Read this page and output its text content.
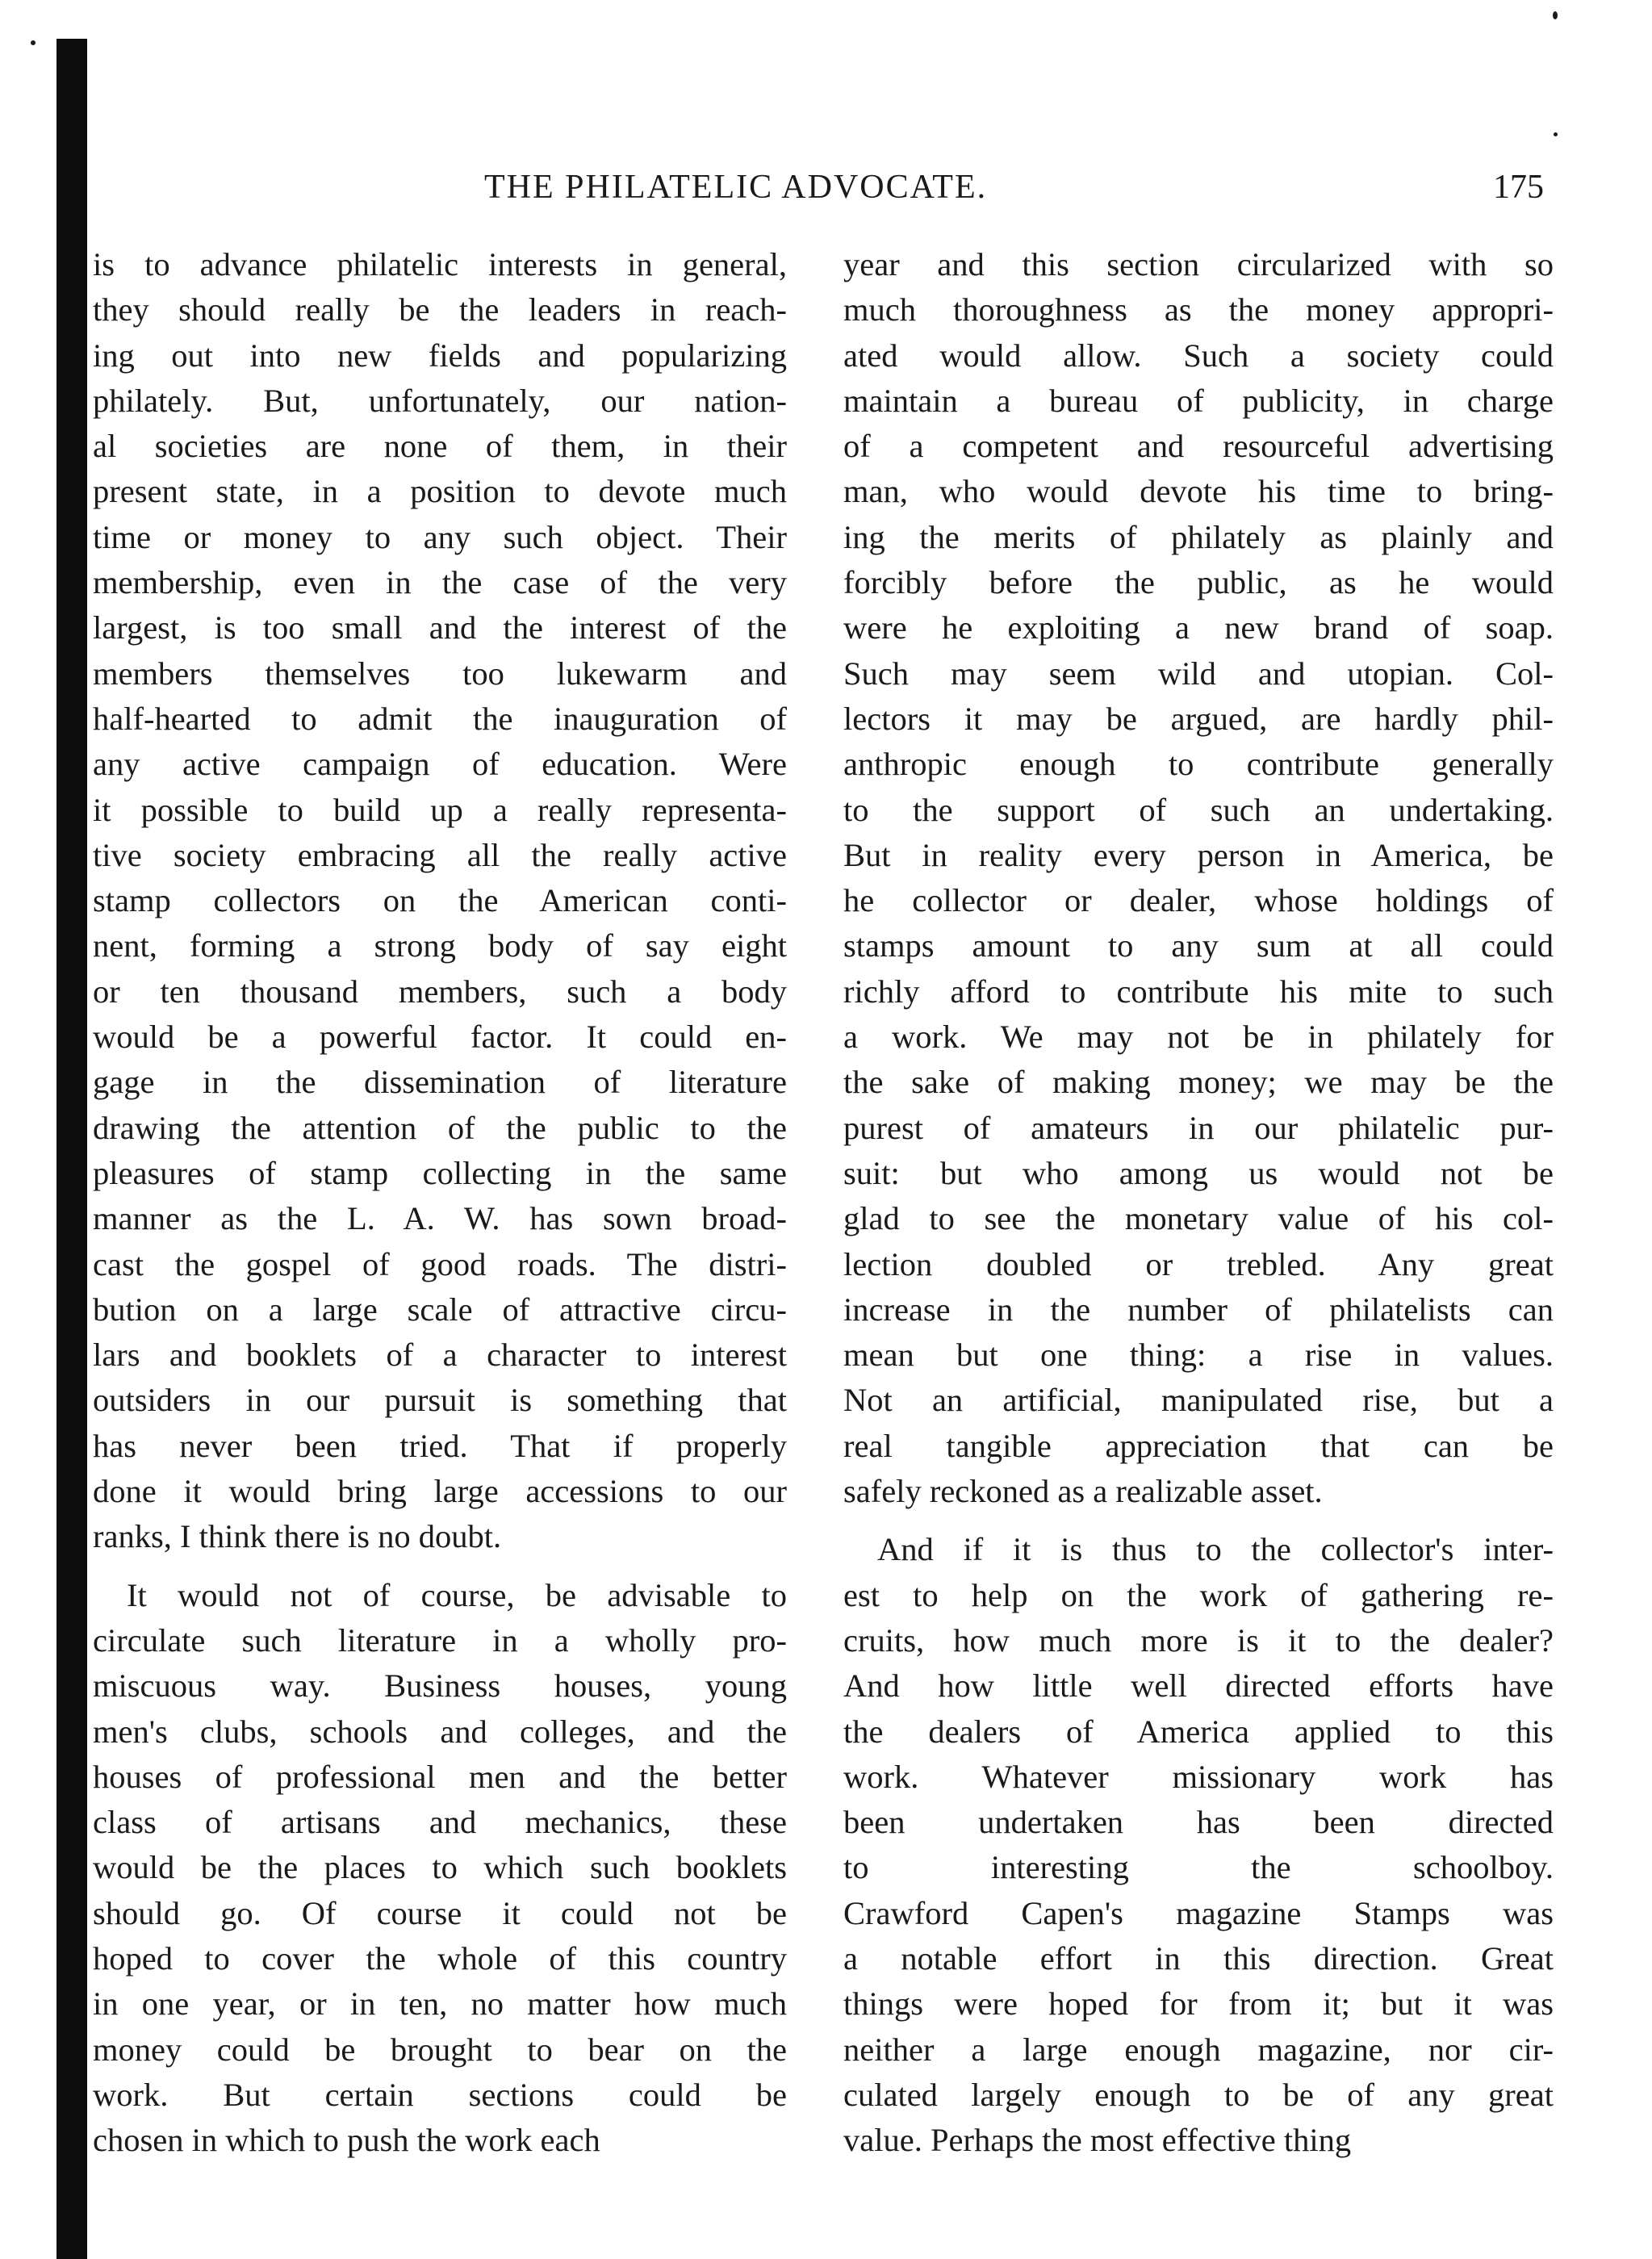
THE PHILATELIC ADVOCATE.	175
is to advance philatelic interests in general,
they should really be the leaders in reach-
ing out into new fields and popularizing
philately. But, unfortunately, our nation-
al societies are none of them, in their
present state, in a position to devote much
time or money to any such object. Their
membership, even in the case of the very
largest, is too small and the interest of the
members themselves too lukewarm and
half-hearted to admit the inauguration of
any active campaign of education. Were
it possible to build up a really representa-
tive society embracing all the really active
stamp collectors on the American conti-
nent, forming a strong body of say eight
or ten thousand members, such a body
would be a powerful factor. It could en-
gage in the dissemination of literature
drawing the attention of the public to the
pleasures of stamp collecting in the same
manner as the L. A. W. has sown broad-
cast the gospel of good roads. The distri-
bution on a large scale of attractive circu-
lars and booklets of a character to interest
outsiders in our pursuit is something that
has never been tried. That if properly
done it would bring large accessions to our
ranks, I think there is no doubt.
It would not of course, be advisable to
circulate such literature in a wholly pro-
miscuous way. Business houses, young
men's clubs, schools and colleges, and the
houses of professional men and the better
class of artisans and mechanics, these
would be the places to which such booklets
should go. Of course it could not be
hoped to cover the whole of this country
in one year, or in ten, no matter how much
money could be brought to bear on the
work. But certain sections could be
chosen in which to push the work each
year and this section circularized with so
much thoroughness as the money appropri-
ated would allow. Such a society could
maintain a bureau of publicity, in charge
of a competent and resourceful advertising
man, who would devote his time to bring-
ing the merits of philately as plainly and
forcibly before the public, as he would
were he exploiting a new brand of soap.
Such may seem wild and utopian. Col-
lectors it may be argued, are hardly phil-
anthropic enough to contribute generally
to the support of such an undertaking.
But in reality every person in America, be
he collector or dealer, whose holdings of
stamps amount to any sum at all could
richly afford to contribute his mite to such
a work. We may not be in philately for
the sake of making money; we may be the
purest of amateurs in our philatelic pur-
suit: but who among us would not be
glad to see the monetary value of his col-
lection doubled or trebled. Any great
increase in the number of philatelists can
mean but one thing: a rise in values.
Not an artificial, manipulated rise, but a
real tangible appreciation that can be
safely reckoned as a realizable asset.
And if it is thus to the collector's inter-
est to help on the work of gathering re-
cruits, how much more is it to the dealer?
And how little well directed efforts have
the dealers of America applied to this
work. Whatever missionary work has
been undertaken has been directed
to interesting the schoolboy.
Crawford Capen's magazine Stamps was
a notable effort in this direction. Great
things were hoped for from it; but it was
neither a large enough magazine, nor cir-
culated largely enough to be of any great
value. Perhaps the most effective thing
